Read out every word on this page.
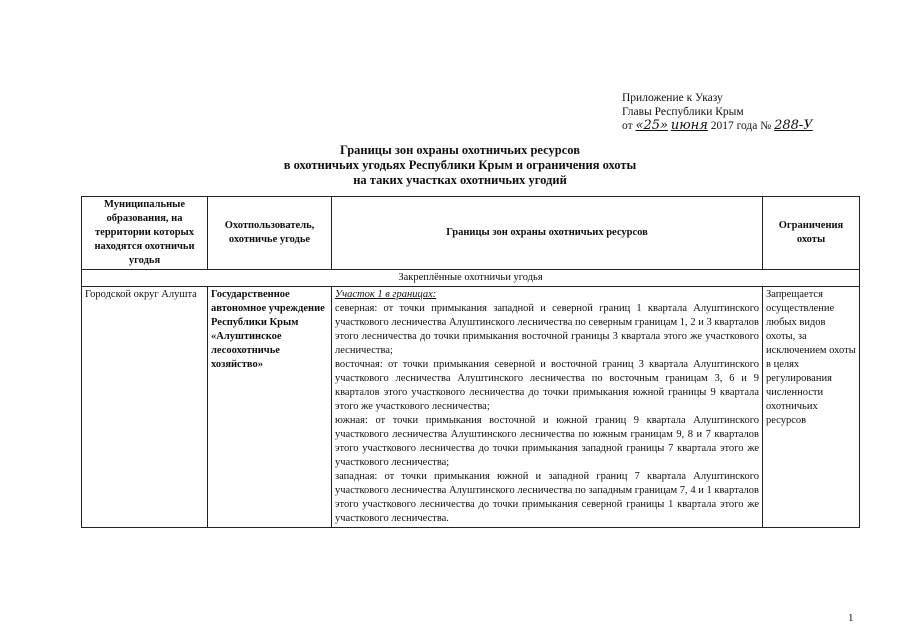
Приложение к Указу
Главы Республики Крым
от «25» июня 2017 года № 288-У
Границы зон охраны охотничьих ресурсов
в охотничьих угодьях Республики Крым и ограничения охоты
на таких участках охотничьих угодий
Муниципальные образования, на территории которых находятся охотничьи угодья	Охотпользователь, охотничье угодье	Границы зон охраны охотничьих ресурсов	Ограничения охоты
Закреплённые охотничьи угодья			
Городской округ Алушта	Государственное автономное учреждение Республики Крым «Алуштинское лесоохотничье хозяйство»	Участок 1 в границах:
северная: от точки примыкания западной и северной границ 1 квартала Алуштинского участкового лесничества Алуштинского лесничества по северным границам 1, 2 и 3 кварталов этого лесничества до точки примыкания восточной границы 3 квартала этого же участкового лесничества;
восточная: от точки примыкания северной и восточной границ 3 квартала Алуштинского участкового лесничества Алуштинского лесничества по восточным границам 3, 6 и 9 кварталов этого участкового лесничества до точки примыкания южной границы 9 квартала этого же участкового лесничества;
южная: от точки примыкания восточной и южной границ 9 квартала Алуштинского участкового лесничества Алуштинского лесничества по южным границам 9, 8 и 7 кварталов этого участкового лесничества до точки примыкания западной границы 7 квартала этого же участкового лесничества;
западная: от точки примыкания южной и западной границ 7 квартала Алуштинского участкового лесничества Алуштинского лесничества по западным границам 7, 4 и 1 кварталов этого участкового лесничества до точки примыкания северной границы 1 квартала этого же участкового лесничества.	Запрещается осуществление любых видов охоты, за исключением охоты в целях регулирования численности охотничьих ресурсов
1
